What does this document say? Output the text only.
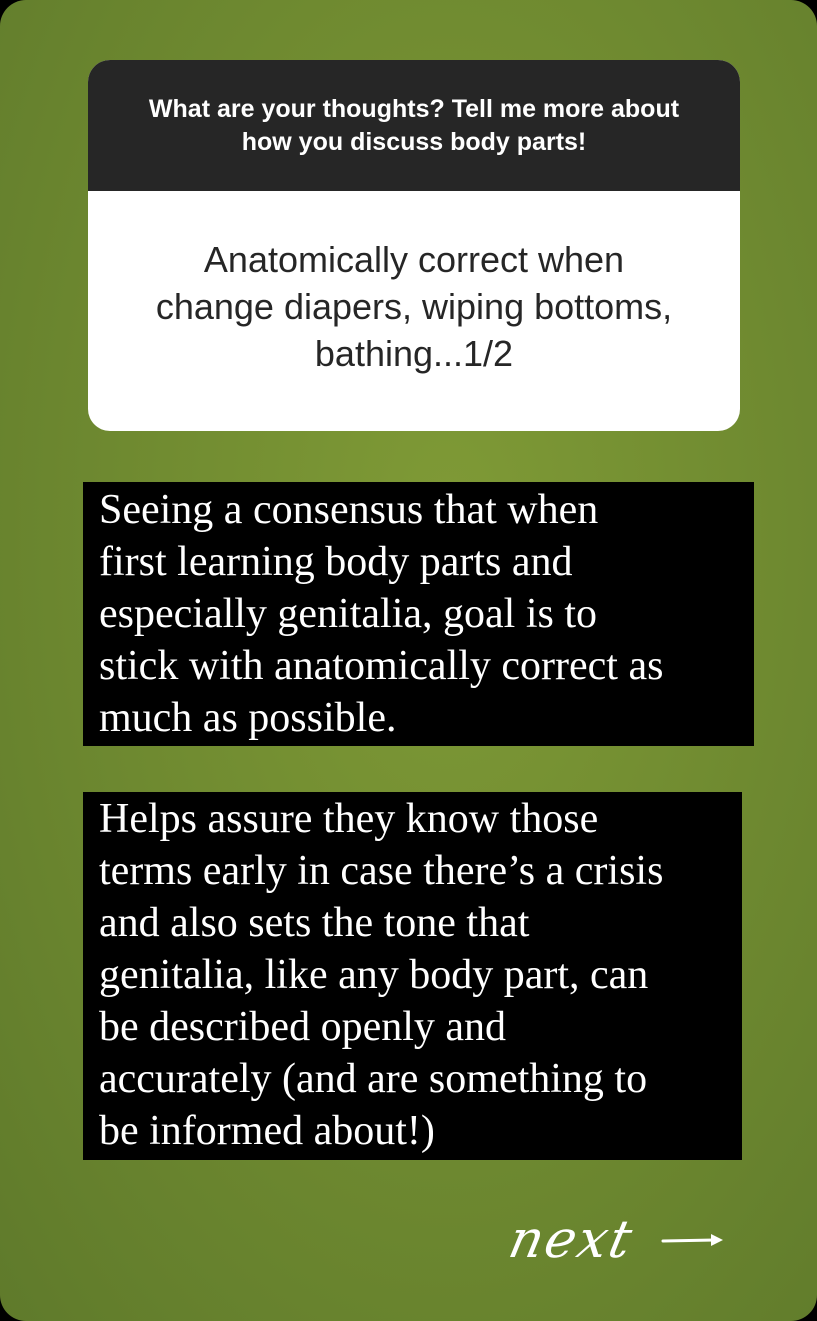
What are your thoughts? Tell me more about how you discuss body parts!
Anatomically correct when change diapers, wiping bottoms, bathing...1/2
Seeing a consensus that when
first learning body parts and
especially genitalia, goal is to
stick with anatomically correct as
much as possible.
Helps assure they know those
terms early in case there’s a crisis
and also sets the tone that
genitalia, like any body part, can
be described openly and
accurately (and are something to
be informed about!)
next
